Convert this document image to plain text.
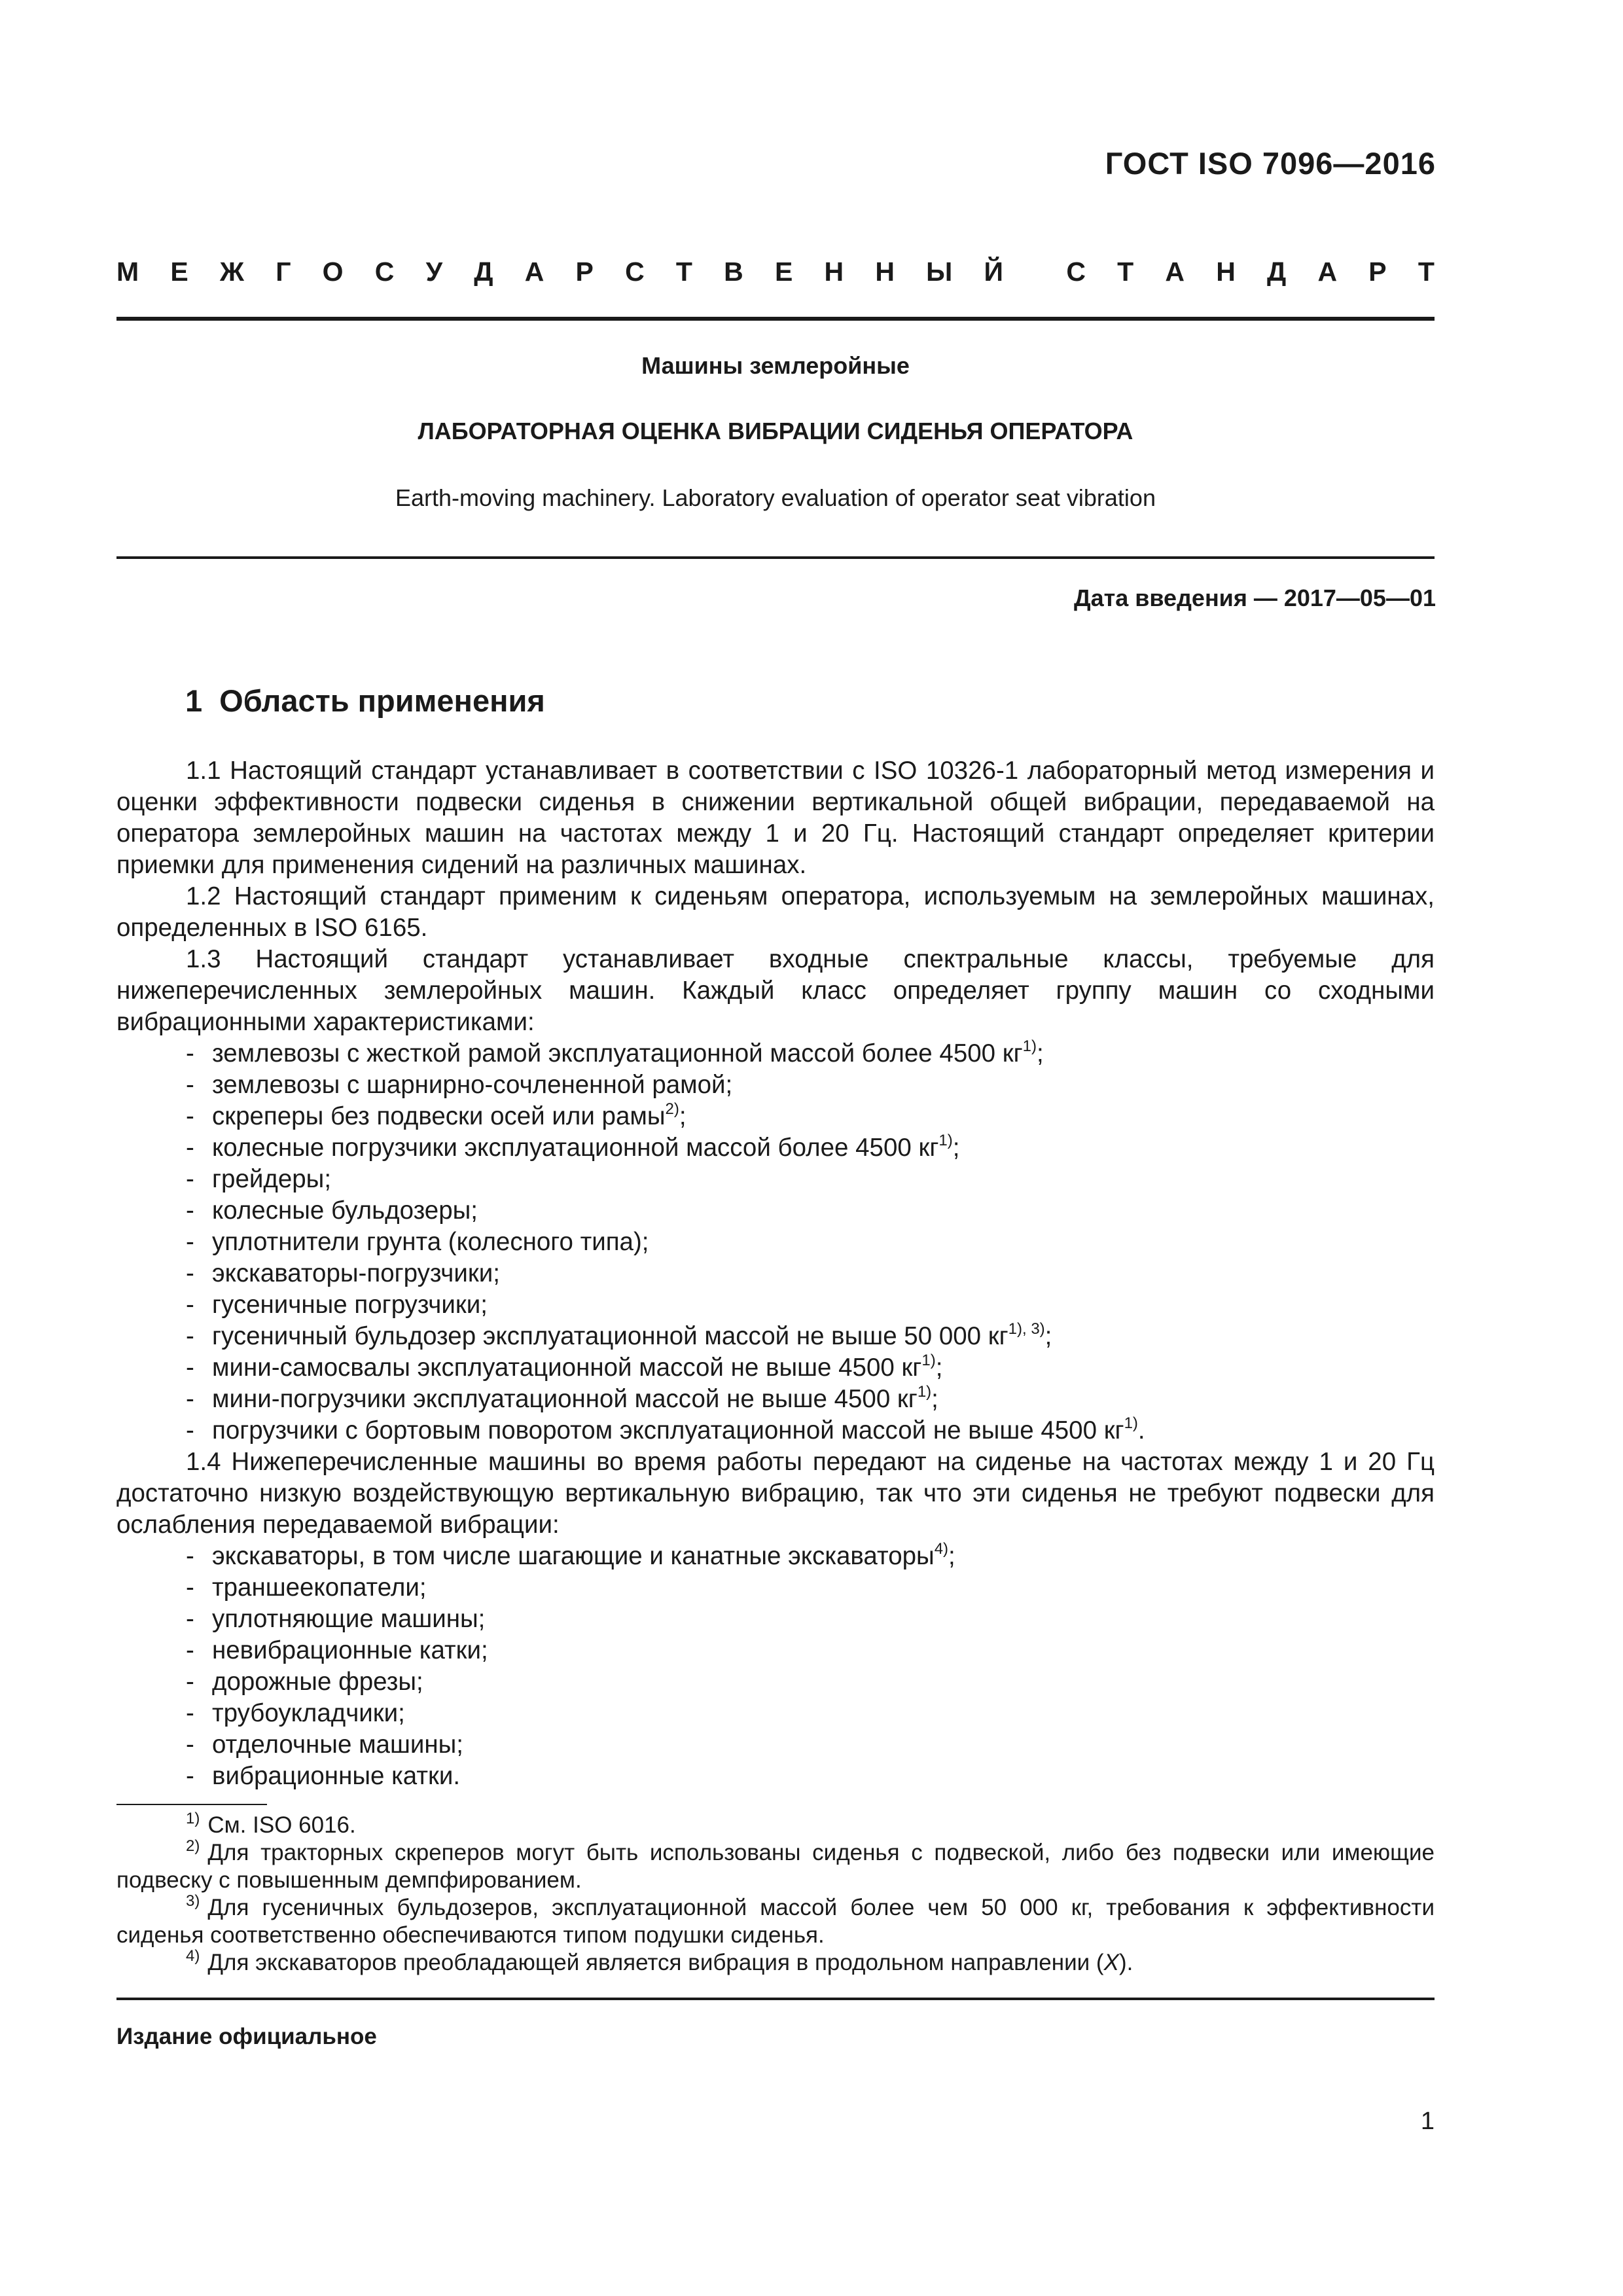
ГОСТ ISO 7096—2016
М Е Ж Г О С У Д А Р С Т В Е Н Н Ы Й С Т А Н Д А Р Т
Машины землеройные
ЛАБОРАТОРНАЯ ОЦЕНКА ВИБРАЦИИ СИДЕНЬЯ ОПЕРАТОРА
Earth-moving machinery. Laboratory evaluation of operator seat vibration
Дата введения — 2017—05—01
1 Область применения

1.1 Настоящий стандарт устанавливает в соответствии с ISO 10326-1 лабораторный метод измерения и оценки эффективности подвески сиденья в снижении вертикальной общей вибрации, передаваемой на оператора землеройных машин на частотах между 1 и 20 Гц. Настоящий стандарт определяет критерии приемки для применения сидений на различных машинах.

1.2 Настоящий стандарт применим к сиденьям оператора, используемым на землеройных машинах, определенных в ISO 6165.

1.3 Настоящий стандарт устанавливает входные спектральные классы, требуемые для нижеперечисленных землеройных машин. Каждый класс определяет группу машин со сходными вибрационными характеристиками:

- землевозы с жесткой рамой эксплуатационной массой более 4500 $кг^{1)}$;
- землевозы с шарнирно-сочлененной рамой;
- скреперы без подвески осей или рамы$^{2)}$;
- колесные погрузчики эксплуатационной массой более 4500 $кг^{1)}$;
- грейдеры;
- колесные бульдозеры;
- уплотнители грунта (колесного типа);
- экскаваторы-погрузчики;
- гусеничные погрузчики;
- гусеничный бульдозер эксплуатационной массой не выше 50 000 $кг^{1), 3)}$;
- мини-самосвалы эксплуатационной массой не выше 4500 $кг^{1)}$;
- мини-погрузчики эксплуатационной массой не выше 4500 $кг^{1)}$;
- погрузчики с бортовым поворотом эксплуатационной массой не выше 4500 $кг^{1)}$.

1.4 Нижеперечисленные машины во время работы передают на сиденье на частотах между 1 и 20 Гц достаточно низкую воздействующую вертикальную вибрацию, так что эти сиденья не требуют подвески для ослабления передаваемой вибрации:

- экскаваторы, в том числе шагающие и канатные экскаваторы$^{4)}$;
- траншеекопатели;
- уплотняющие машины;
- невибрационные катки;
- дорожные фрезы;
- трубоукладчики;
- отделочные машины;
- вибрационные катки.

$^{1)}$ См. ISO 6016.

$^{2)}$ Для тракторных скреперов могут быть использованы сиденья с подвеской, либо без подвески или имеющие подвеску с повышенным демпфированием.

$^{3)}$ Для гусеничных бульдозеров, эксплуатационной массой более чем 50 000 кг, требования к эффективности сиденья соответственно обеспечиваются типом подушки сиденья.

$^{4)}$ Для экскаваторов преобладающей является вибрация в продольном направлении (X).

Издание официальное
1
